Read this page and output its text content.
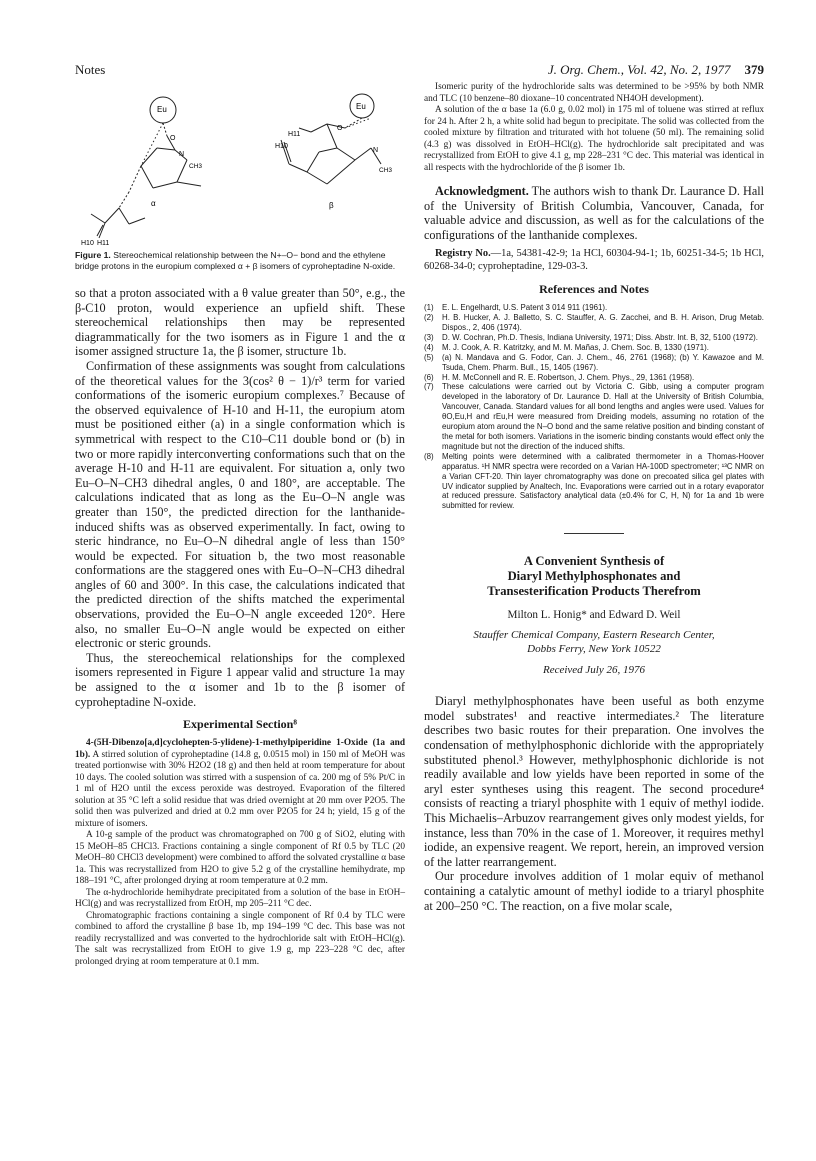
Notes	J. Org. Chem., Vol. 42, No. 2, 1977 379
Eu
O
N
CH3
α
H10 H11
Eu
O
N
CH3
β
H10
H11
Figure 1. Stereochemical relationship between the N+–O− bond and the ethylene bridge protons in the europium complexed α + β isomers of cyproheptadine N-oxide.

so that a proton associated with a θ value greater than 50°, e.g., the β-C10 proton, would experience an upfield shift. These stereochemical relationships then may be represented diagrammatically for the two isomers as in Figure 1 and the α isomer assigned structure 1a, the β isomer, structure 1b.

Confirmation of these assignments was sought from calculations of the theoretical values for the 3(cos² θ − 1)/r³ term for varied conformations of the isomeric europium complexes.⁷ Because of the observed equivalence of H-10 and H-11, the europium atom must be positioned either (a) in a single conformation which is symmetrical with respect to the C10–C11 double bond or (b) in two or more rapidly interconverting conformations such that on the average H-10 and H-11 are equivalent. For situation a, only two Eu–O–N–CH3 dihedral angles, 0 and 180°, are acceptable. The calculations indicated that as long as the Eu–O–N angle was greater than 150°, the predicted direction for the lanthanide-induced shifts was as observed experimentally. In fact, owing to steric hindrance, no Eu–O–N dihedral angle of less than 150° would be expected. For situation b, the two most reasonable conformations are the staggered ones with Eu–O–N–CH3 dihedral angles of 60 and 300°. In this case, the calculations indicated that the predicted direction of the shifts matched the experimental observations, provided the Eu–O–N angle exceeded 120°. Here also, no smaller Eu–O–N angle would be expected on either electronic or steric grounds.

Thus, the stereochemical relationships for the complexed isomers represented in Figure 1 appear valid and structure 1a may be assigned to the α isomer and 1b to the β isomer of cyproheptadine N-oxide.

Experimental Section⁸

4-(5H-Dibenzo[a,d]cyclohepten-5-ylidene)-1-methylpiperidine 1-Oxide (1a and 1b). A stirred solution of cyproheptadine (14.8 g, 0.0515 mol) in 150 ml of MeOH was treated portionwise with 30% H2O2 (18 g) and then held at room temperature for about 10 days. The cooled solution was stirred with a suspension of ca. 200 mg of 5% Pt/C in 1 ml of H2O until the excess peroxide was destroyed. Evaporation of the filtered solution at 35 °C left a solid residue that was dried overnight at 20 mm over P2O5. The solid then was pulverized and dried at 0.2 mm over P2O5 for 24 h; yield, 15 g of the mixture of isomers.

A 10-g sample of the product was chromatographed on 700 g of SiO2, eluting with 15 MeOH–85 CHCl3. Fractions containing a single component of Rf 0.5 by TLC (20 MeOH–80 CHCl3 development) were combined to afford the solvated crystalline α base 1a. This was recrystallized from H2O to give 5.2 g of the crystalline hemihydrate, mp 188–191 °C, after prolonged drying at room temperature at 0.2 mm.

The α-hydrochloride hemihydrate precipitated from a solution of the base in EtOH–HCl(g) and was recrystallized from EtOH, mp 205–211 °C dec.

Chromatographic fractions containing a single component of Rf 0.4 by TLC were combined to afford the crystalline β base 1b, mp 194–199 °C dec. This base was not readily recrystallized and was converted to the hydrochloride salt with EtOH–HCl(g). The salt was recrystallized from EtOH to give 1.9 g, mp 223–228 °C dec, after prolonged drying at room temperature at 0.1 mm.

Isomeric purity of the hydrochloride salts was determined to be >95% by both NMR and TLC (10 benzene–80 dioxane–10 concentrated NH4OH development).

A solution of the α base 1a (6.0 g, 0.02 mol) in 175 ml of toluene was stirred at reflux for 24 h. After 2 h, a white solid had begun to precipitate. The solid was collected from the cooled mixture by filtration and triturated with hot toluene (50 ml). The remaining solid (4.3 g) was dissolved in EtOH–HCl(g). The hydrochloride salt precipitated and was recrystallized from EtOH to give 4.1 g, mp 228–231 °C dec. This material was identical in all respects with the hydrochloride of the β isomer 1b.

Acknowledgment. The authors wish to thank Dr. Laurance D. Hall of the University of British Columbia, Vancouver, Canada, for valuable advice and discussion, as well as for the calculations of the configurations of the lanthanide complexes.

Registry No.—1a, 54381-42-9; 1a HCl, 60304-94-1; 1b, 60251-34-5; 1b HCl, 60268-34-0; cyproheptadine, 129-03-3.
References and Notes
(1)	E. L. Engelhardt, U.S. Patent 3 014 911 (1961).
(2)	H. B. Hucker, A. J. Balletto, S. C. Stauffer, A. G. Zacchei, and B. H. Arison, Drug Metab. Dispos., 2, 406 (1974).
(3)	D. W. Cochran, Ph.D. Thesis, Indiana University, 1971; Diss. Abstr. Int. B, 32, 5100 (1972).
(4)	M. J. Cook, A. R. Katritzky, and M. M. Mañas, J. Chem. Soc. B, 1330 (1971).
(5)	(a) N. Mandava and G. Fodor, Can. J. Chem., 46, 2761 (1968); (b) Y. Kawazoe and M. Tsuda, Chem. Pharm. Bull., 15, 1405 (1967).
(6)	H. M. McConnell and R. E. Robertson, J. Chem. Phys., 29, 1361 (1958).
(7)	These calculations were carried out by Victoria C. Gibb, using a computer program developed in the laboratory of Dr. Laurance D. Hall at the University of British Columbia, Vancouver, Canada. Standard values for all bond lengths and angles were used. Values for θO,Eu,H and rEu,H were measured from Dreiding models, assuming no rotation of the europium atom around the N–O bond and the same relative position and binding constant of the metal for both isomers. Variations in the isomeric binding constants would effect only the magnitude but not the direction of the induced shifts.
(8)	Melting points were determined with a calibrated thermometer in a Thomas-Hoover apparatus. ¹H NMR spectra were recorded on a Varian HA-100D spectrometer; ¹³C NMR on a Varian CFT-20. Thin layer chromatography was done on precoated silica gel plates with UV indicator supplied by Analtech, Inc. Evaporations were carried out in a rotary evaporator at reduced pressure. Satisfactory analytical data (±0.4% for C, H, N) for 1a and 1b were submitted for review.
A Convenient Synthesis of
Diaryl Methylphosphonates and
Transesterification Products Therefrom
Milton L. Honig* and Edward D. Weil
Stauffer Chemical Company, Eastern Research Center,
Dobbs Ferry, New York 10522
Received July 26, 1976

Diaryl methylphosphonates have been useful as both enzyme model substrates¹ and reactive intermediates.² The literature describes two basic routes for their preparation. One involves the condensation of methylphosphonic dichloride with the appropriately substituted phenol.³ However, methylphosphonic dichloride is not readily available and low yields have been reported in some of the aryl ester syntheses using this reagent. The second procedure⁴ consists of reacting a triaryl phosphite with 1 equiv of methyl iodide. This Michaelis–Arbuzov rearrangement gives only modest yields, for instance, less than 70% in the case of 1. Moreover, it requires methyl iodide, an expensive reagent. We report, herein, an improved version of the latter rearrangement.

Our procedure involves addition of 1 molar equiv of methanol containing a catalytic amount of methyl iodide to a triaryl phosphite at 200–250 °C. The reaction, on a five molar scale,
